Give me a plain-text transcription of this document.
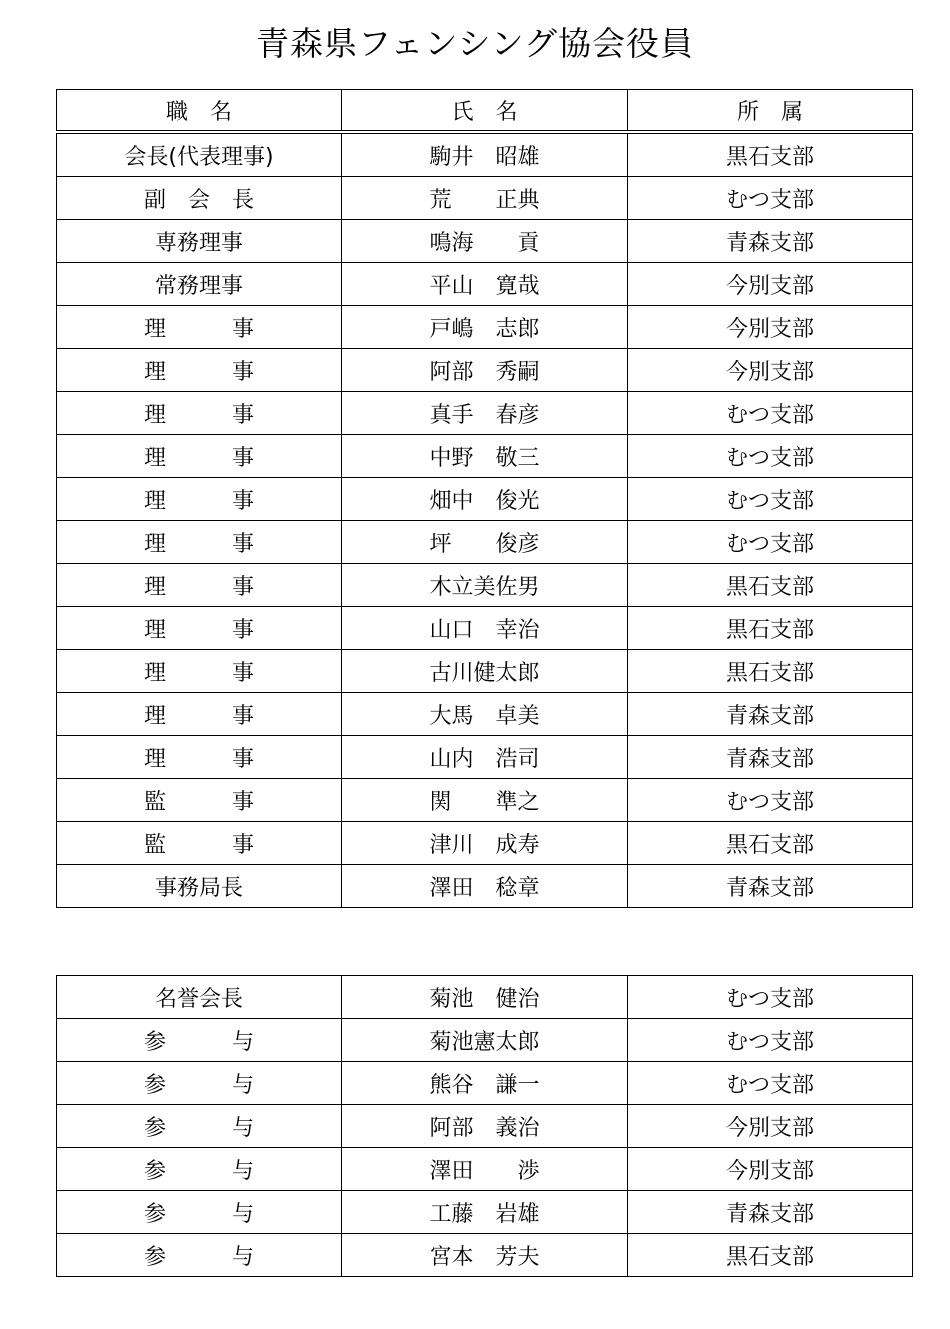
青森県フェンシング協会役員
職　名	氏　名	所　属
会長(代表理事)	駒井　昭雄	黒石支部
副　会　長	荒　　正典	むつ支部
専務理事	鳴海　　貢	青森支部
常務理事	平山　寛哉	今別支部
理　　　事	戸嶋　志郎	今別支部
理　　　事	阿部　秀嗣	今別支部
理　　　事	真手　春彦	むつ支部
理　　　事	中野　敬三	むつ支部
理　　　事	畑中　俊光	むつ支部
理　　　事	坪　　俊彦	むつ支部
理　　　事	木立美佐男	黒石支部
理　　　事	山口　幸治	黒石支部
理　　　事	古川健太郎	黒石支部
理　　　事	大馬　卓美	青森支部
理　　　事	山内　浩司	青森支部
監　　　事	関　　準之	むつ支部
監　　　事	津川　成寿	黒石支部
事務局長	澤田　稔章	青森支部
名誉会長	菊池　健治	むつ支部
参　　　与	菊池憲太郎	むつ支部
参　　　与	熊谷　謙一	むつ支部
参　　　与	阿部　義治	今別支部
参　　　与	澤田　　渉	今別支部
参　　　与	工藤　岩雄	青森支部
参　　　与	宮本　芳夫	黒石支部
